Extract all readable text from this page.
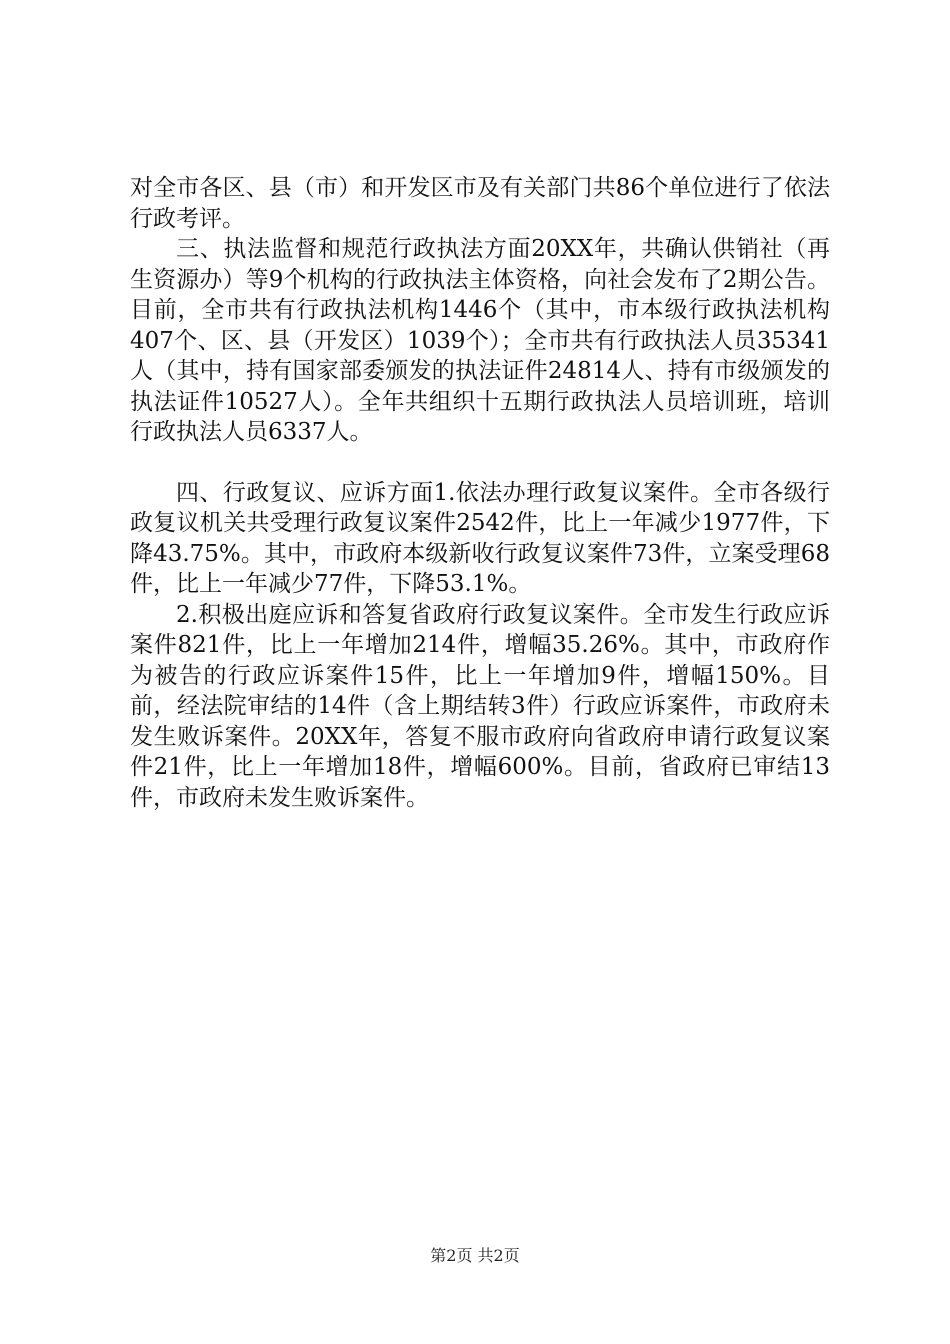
对全市各区、县（市）和开发区市及有关部门共86个单位进行了依法行政考评。

三、执法监督和规范行政执法方面20XX年，共确认供销社（再生资源办）等9个机构的行政执法主体资格，向社会发布了2期公告。目前，全市共有行政执法机构1446个（其中，市本级行政执法机构407个、区、县（开发区）1039个）；全市共有行政执法人员35341人（其中，持有国家部委颁发的执法证件24814人、持有市级颁发的执法证件10527人）。全年共组织十五期行政执法人员培训班，培训行政执法人员6337人。

四、行政复议、应诉方面1.依法办理行政复议案件。全市各级行政复议机关共受理行政复议案件2542件，比上一年减少1977件，下降43.75%。其中，市政府本级新收行政复议案件73件，立案受理68件，比上一年减少77件，下降53.1%。

2.积极出庭应诉和答复省政府行政复议案件。全市发生行政应诉案件821件，比上一年增加214件，增幅35.26%。其中，市政府作为被告的行政应诉案件15件，比上一年增加9件，增幅150%。目前，经法院审结的14件（含上期结转3件）行政应诉案件，市政府未发生败诉案件。20XX年，答复不服市政府向省政府申请行政复议案件21件，比上一年增加18件，增幅600%。目前，省政府已审结13件，市政府未发生败诉案件。

第2页 共2页
